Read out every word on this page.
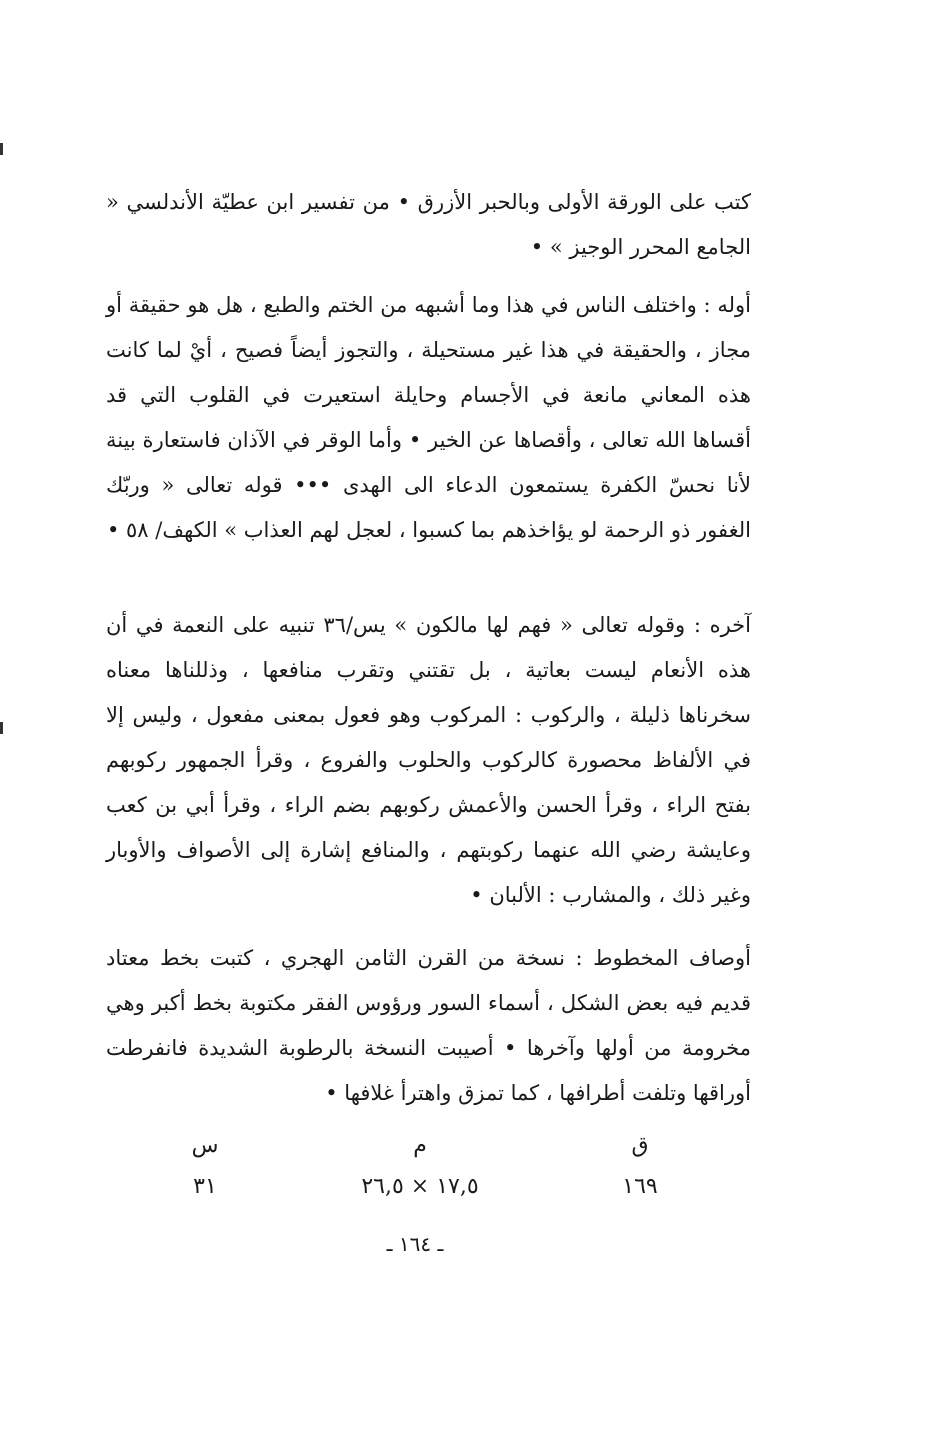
كتب على الورقة الأولى وبالحبر الأزرق • من تفسير ابن عطيّة الأندلسي « الجامع المحرر الوجيز » •

أوله : واختلف الناس في هذا وما أشبهه من الختم والطبع ، هل هو حقيقة أو مجاز ، والحقيقة في هذا غير مستحيلة ، والتجوز أيضاً فصيح ، أيْ لما كانت هذه المعاني مانعة في الأجسام وحايلة استعيرت في القلوب التي قد أقساها الله تعالى ، وأقصاها عن الخير • وأما الوقر في الآذان فاستعارة بينة لأنا نحسّ الكفرة يستمعون الدعاء الى الهدى ••• قوله تعالى « وربّك الغفور ذو الرحمة لو يؤاخذهم بما كسبوا ، لعجل لهم العذاب » الكهف/ ٥٨ •

آخره : وقوله تعالى « فهم لها مالكون » يس/٣٦ تنبيه على النعمة في أن هذه الأنعام ليست بعاتية ، بل تقتني وتقرب منافعها ، وذللناها معناه سخرناها ذليلة ، والركوب : المركوب وهو فعول بمعنى مفعول ، وليس إلا في الألفاظ محصورة كالركوب والحلوب والفروع ، وقرأ الجمهور ركوبهم بفتح الراء ، وقرأ الحسن والأعمش ركوبهم بضم الراء ، وقرأ أبي بن كعب وعايشة رضي الله عنهما ركوبتهم ، والمنافع إشارة إلى الأصواف والأوبار وغير ذلك ، والمشارب : الألبان •

أوصاف المخطوط : نسخة من القرن الثامن الهجري ، كتبت بخط معتاد قديم فيه بعض الشكل ، أسماء السور ورؤوس الفقر مكتوبة بخط أكبر وهي مخرومة من أولها وآخرها • أصيبت النسخة بالرطوبة الشديدة فانفرطت أوراقها وتلفت أطرافها ، كما تمزق واهترأ غلافها •

ق
م
س
١٦٩
١٧,٥ × ٢٦,٥
٣١
ـ ١٦٤ ـ
